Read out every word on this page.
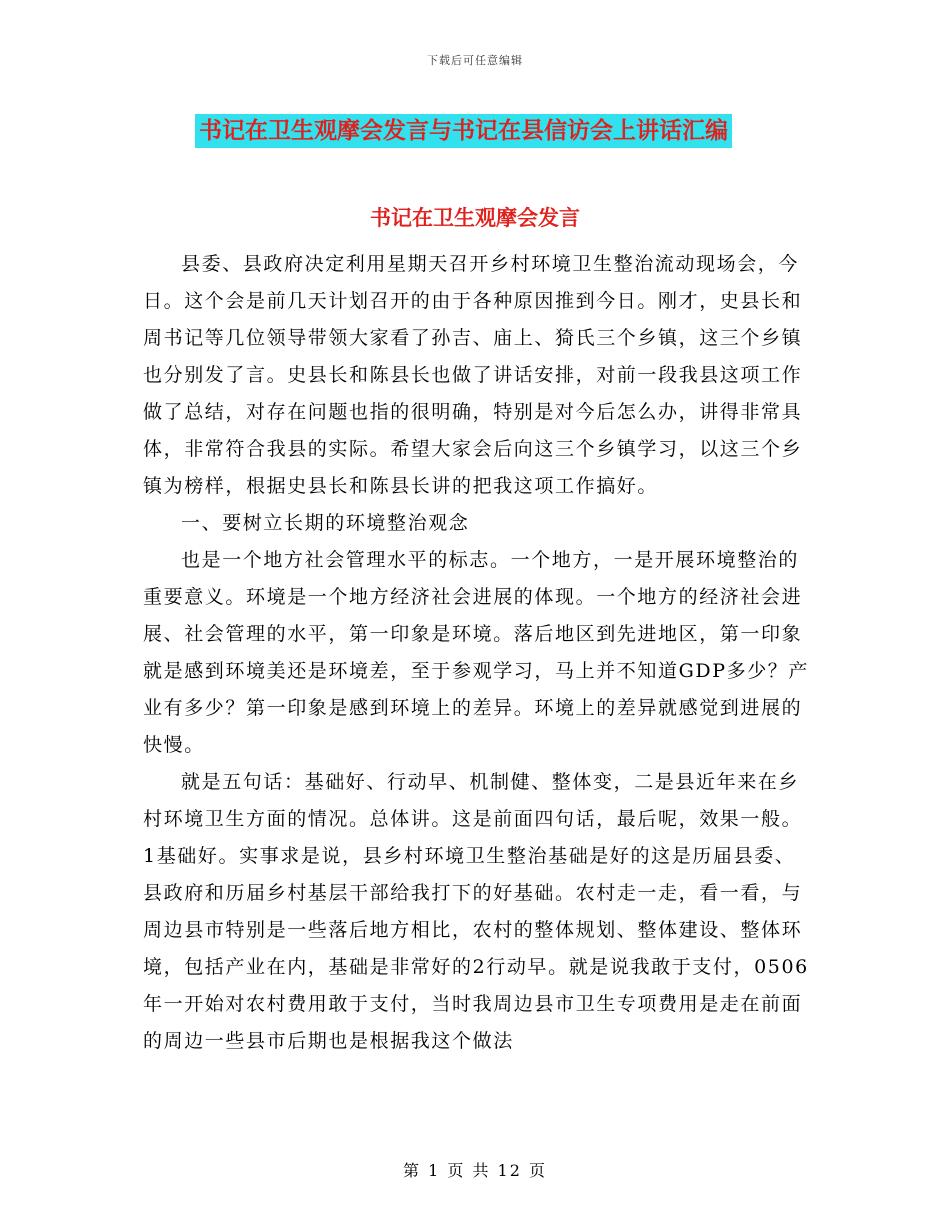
下载后可任意编辑
书记在卫生观摩会发言与书记在县信访会上讲话汇编
书记在卫生观摩会发言

县委、县政府决定利用星期天召开乡村环境卫生整治流动现场会，今日。这个会是前几天计划召开的由于各种原因推到今日。刚才，史县长和周书记等几位领导带领大家看了孙吉、庙上、猗氏三个乡镇，这三个乡镇也分别发了言。史县长和陈县长也做了讲话安排，对前一段我县这项工作做了总结，对存在问题也指的很明确，特别是对今后怎么办，讲得非常具体，非常符合我县的实际。希望大家会后向这三个乡镇学习，以这三个乡镇为榜样，根据史县长和陈县长讲的把我这项工作搞好。

一、要树立长期的环境整治观念

也是一个地方社会管理水平的标志。一个地方，一是开展环境整治的重要意义。环境是一个地方经济社会进展的体现。一个地方的经济社会进展、社会管理的水平，第一印象是环境。落后地区到先进地区，第一印象就是感到环境美还是环境差，至于参观学习，马上并不知道GDP多少？产业有多少？第一印象是感到环境上的差异。环境上的差异就感觉到进展的快慢。

就是五句话：基础好、行动早、机制健、整体变，二是县近年来在乡村环境卫生方面的情况。总体讲。这是前面四句话，最后呢，效果一般。1基础好。实事求是说，县乡村环境卫生整治基础是好的这是历届县委、县政府和历届乡村基层干部给我打下的好基础。农村走一走，看一看，与周边县市特别是一些落后地方相比，农村的整体规划、整体建设、整体环境，包括产业在内，基础是非常好的2行动早。就是说我敢于支付，0506年一开始对农村费用敢于支付，当时我周边县市卫生专项费用是走在前面的周边一些县市后期也是根据我这个做法

第 1 页 共 12 页
